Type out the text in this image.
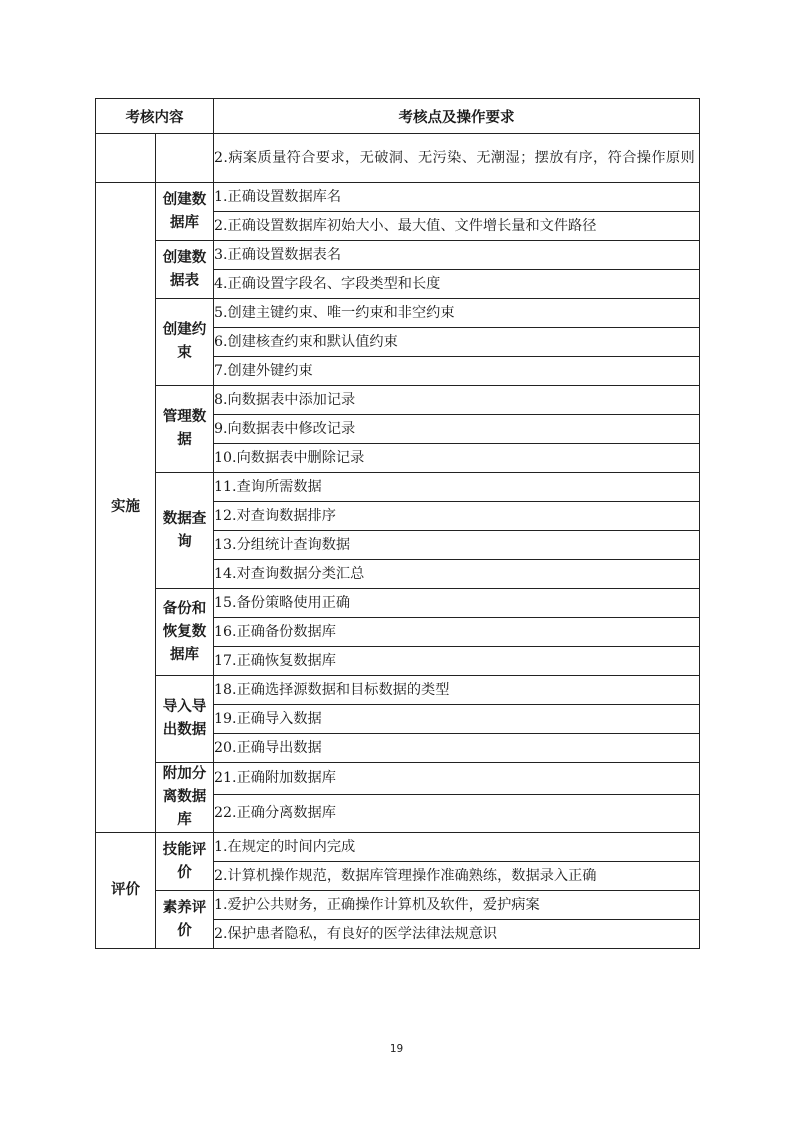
考核内容		考核点及操作要求
		2.病案质量符合要求，无破洞、无污染、无潮湿；摆放有序，符合操作原则
实施	创建数据库	1.正确设置数据库名
		2.正确设置数据库初始大小、最大值、文件增长量和文件路径
	创建数据表	3.正确设置数据表名
		4.正确设置字段名、字段类型和长度
	创建约束	5.创建主键约束、唯一约束和非空约束
		6.创建核查约束和默认值约束
		7.创建外键约束
	管理数据	8.向数据表中添加记录
		9.向数据表中修改记录
		10.向数据表中删除记录
	数据查询	11.查询所需数据
		12.对查询数据排序
		13.分组统计查询数据
		14.对查询数据分类汇总
	备份和恢复数据库	15.备份策略使用正确
		16.正确备份数据库
		17.正确恢复数据库
	导入导出数据	18.正确选择源数据和目标数据的类型
		19.正确导入数据
		20.正确导出数据
	附加分离数据库	21.正确附加数据库
		22.正确分离数据库
评价	技能评价	1.在规定的时间内完成
		2.计算机操作规范，数据库管理操作准确熟练，数据录入正确
	素养评价	1.爱护公共财务，正确操作计算机及软件，爱护病案
		2.保护患者隐私，有良好的医学法律法规意识
19
